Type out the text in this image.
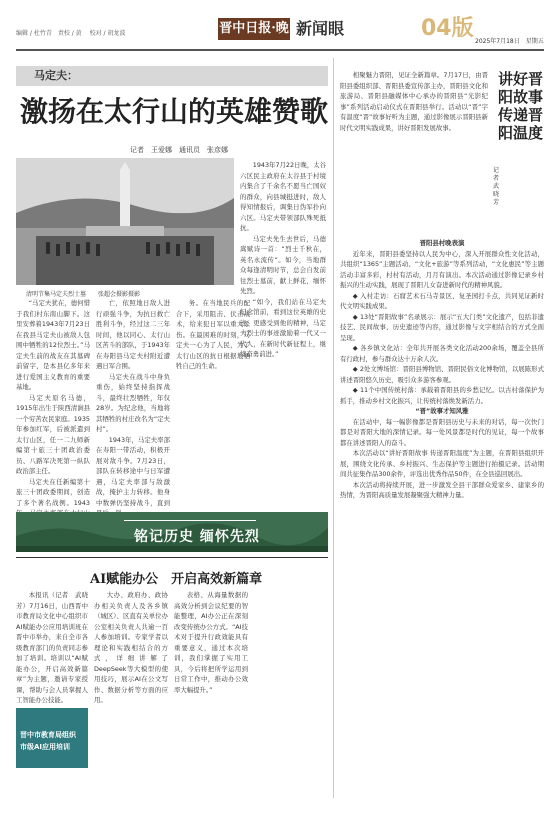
编辑 / 杜竹青　责校 / 黄 　校对 / 胡龙波	晋中日报·晚 新闻眼	04版
2025年7月18日　星期五
马定夫：
激扬在太行山的英雄赞歌
记者　王爱娜　通讯员　张彦娜
清明节集马定夫烈士墓　　张超会摄影摄影

“马定夫犹在，德何惜于我们村东南山脚下。这里安葬着1943年7月23日在我县马定夫山被敌人包围中牺牲的12位烈士。”马定夫生前的战友在其墓碑前留字，是本县亿多年来进行爱国主义教育的重要基地。

马定夫原名马德，1915年出生于陕西清涧县一个穷苦农民家庭。1935年参加红军，后被派遣到太行山区，任一二九师新编第十旅三十团政治委员、八路军决死第一纵队政治部主任。

马定夫在任新编第十旅三十团政委期间，创造了多个著名战例。1943

亡，依照地日敌人进行顽强斗争，为抗日救亡胜利斗争，经过这二三年时间，他以同心、太行山区苦斗的部队，于1943年在寿阳县马定夫村附近遭遇日军合围。

马定夫在战斗中身负重伤，始终坚持指挥战斗，最终壮烈牺牲，年仅28岁。为纪念他，当地将其牺牲的村庄改名为“定夫村”。

1943年，马定夫率部在寿阳一带活动，积极开展对敌斗争。7月23日，部队在转移途中与日军遭遇，马定夫率部与敌激战，掩护主力转移。他身中数弹仍坚持战斗，直到

务。在当地民兵的配合下，采用阻击、伏击战术，给来犯日军以重大杀伤。在最困难的时刻，马定夫一心为了人民，为了太行山区的抗日根据地牺牲自己的生命。

1943年7月22日晚，太谷六区民主政府在太谷县于村境内集合了千余名不愿当亡国奴的群众，向县城挺进时，敌人得知情报后，调集日伪军扑向六区。马定夫带领部队殊死抵抗。

马定夫先生去世后，马德嵩赋诗一首：“烈士千秋在，英名永流传”。如今，当地群众每逢清明时节，总会自发前往烈士墓前，献上鲜花，缅怀先烈。

“如今，我们站在马定夫纪念馆前，看到这位英雄的史迹，更感受到他的精神，马定夫烈士的事迹激励着一代又一代人，在新时代新征程上，继续奋勇前进。”

铭记历史 缅怀先烈
AI赋能办公　开启高效新篇章

本报讯（记者　武晓芳）7月16日，山西晋中市教育局文化中心组织市AI赋能办公应用培训班在晋中市举办，来自全市各级教育部门的负责同志参加了培训。培训以“AI赋能办公，开启高效新篇章”为主题，邀请专家授课，帮助与会人员掌握人工智能办公技能。

晋中市教育局组织
市级AI应用培训

大办、政府办、政协办相关负责人及各乡镇（城区）、区直有关单位办公室相关负责人共逾一百人参加培训。专家学者以理论和实践相结合的方式，详细讲解了DeepSeek等大模型的使用技巧，展示AI在公文写作、数据分析等方面的应用。

表格、从海量数据的高效分析到会议纪要的智能整理，AI办公正在深刻改变传统办公方式。“AI技术对于提升行政效能具有重要意义，通过本次培训，我们掌握了实用工具，今后将把所学运用到日常工作中，推动办公效率大幅提升。”

讲好晋阳故事 传递晋阳温度
记者 武晓芳

相聚魅力晋阳，见证全新篇章。7月17日，由晋阳县委组织部、晋阳县委宣传部主办，晋阳县文化和旅游局、晋阳县融媒体中心承办的晋阳县“光影纪事”系列活动启动仪式在晋阳县举行。活动以“晋”字有温度“晋”故事好听为主题，通过影像展示晋阳县新时代文明实践成果，讲好晋阳发展故事。

晋阳县村晚表演

近年来，晋阳县委坚持以人民为中心，深入开展群众性文化活动，共组织“1365”主题活动、“文化+旅游”等系列活动，“文化惠民”等主题活动丰富多彩，村村有活动，月月有演出。本次活动通过影像记录乡村振兴的生动实践，展现了晋阳儿女奋进新时代的精神风貌。

◆ 入村走访：石窟艺术石马寺景区、复圣园打卡点，共同见证新时代文明实践成果。

◆ 13处“晋阳故事”名录展示：展示“五大门类”文化遗产，包括非遗技艺、民间故事、历史遗迹等内容，通过影像与文字相结合的方式全面呈现。

◆ 各乡镇文化站：全年共开展各类文化活动200余场，覆盖全县所有行政村，参与群众达十万余人次。

◆ 2处文博场馆：晋阳县博物馆、晋阳民俗文化博物馆，以展陈形式讲述晋阳悠久历史，吸引众多游客参观。

◆ 11个中国传统村落：承载着晋阳县的乡愁记忆。以古村落保护为抓手，推动乡村文化振兴，让传统村落焕发新活力。

“晋”故事才知风雅

在活动中，每一幅影像都是晋阳县历史与未来的对话，每一次快门都是对晋阳大地的深情记录。每一处风景都是时代的见证，每一个故事都在讲述晋阳人的奋斗。

本次活动以“讲好晋阳故事 传递晋阳温度”为主题，在晋阳县组织开展，围绕文化传承、乡村振兴、生态保护等主题进行拍摄记录。活动期间共征集作品300余件，评选出优秀作品50件，在全县巡回展出。

本次活动将持续开展，进一步激发全县干部群众爱家乡、建家乡的热情，为晋阳高质量发展凝聚强大精神力量。
